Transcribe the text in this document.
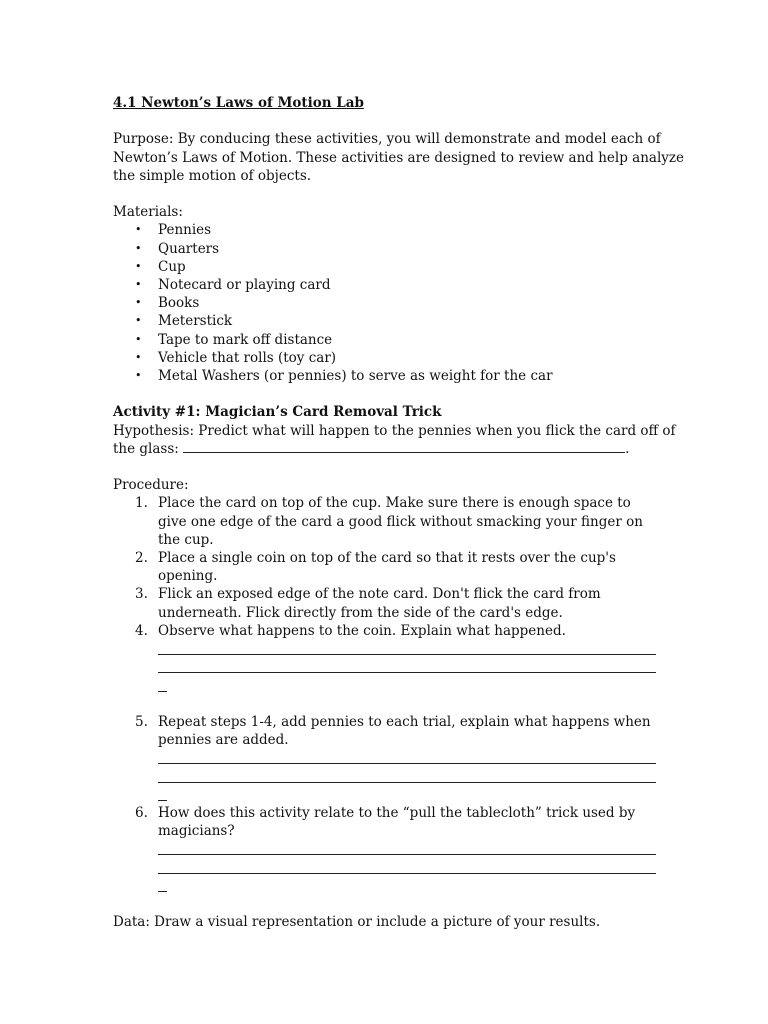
4.1 Newton’s Laws of Motion Lab
Purpose: By conducing these activities, you will demonstrate and model each of
Newton’s Laws of Motion. These activities are designed to review and help analyze
the simple motion of objects.
Materials:
• Pennies
• Quarters
• Cup
• Notecard or playing card
• Books
• Meterstick
• Tape to mark off distance
• Vehicle that rolls (toy car)
• Metal Washers (or pennies) to serve as weight for the car
Activity #1: Magician’s Card Removal Trick
Hypothesis: Predict what will happen to the pennies when you flick the card off of
the glass:	.
Procedure:
1. Place the card on top of the cup. Make sure there is enough space to give one edge of the card a good flick without smacking your finger on the cup.
2. Place a single coin on top of the card so that it rests over the cup's opening.
3. Flick an exposed edge of the note card. Don't flick the card from underneath. Flick directly from the side of the card's edge.
4. Observe what happens to the coin. Explain what happened.
5. Repeat steps 1-4, add pennies to each trial, explain what happens when pennies are added.
6. How does this activity relate to the “pull the tablecloth” trick used by magicians?
Data: Draw a visual representation or include a picture of your results.
